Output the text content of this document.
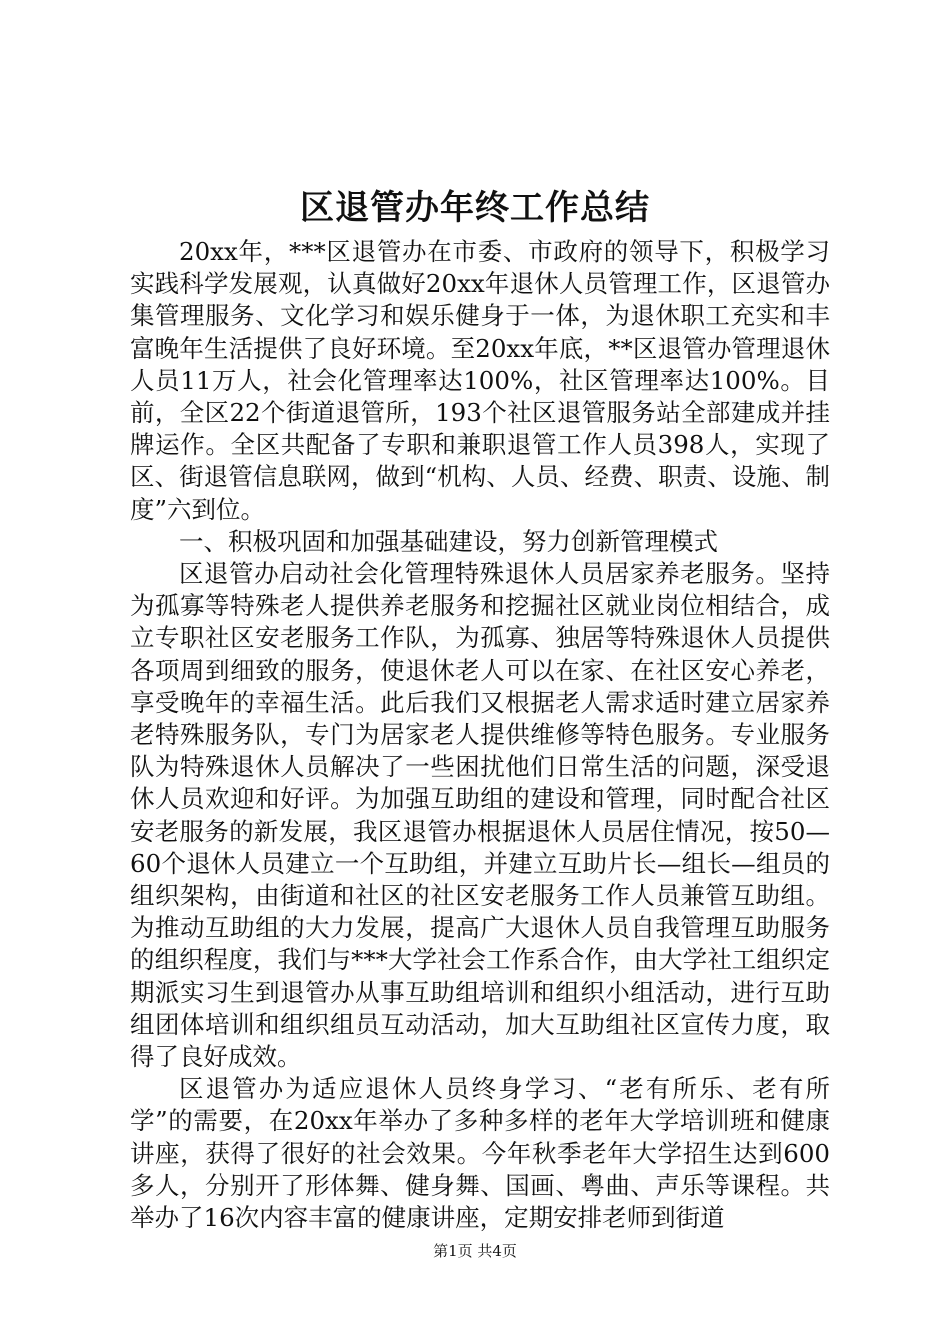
区退管办年终工作总结

20xx年，***区退管办在市委、市政府的领导下，积极学习实践科学发展观，认真做好20xx年退休人员管理工作，区退管办集管理服务、文化学习和娱乐健身于一体，为退休职工充实和丰富晚年生活提供了良好环境。至20xx年底，**区退管办管理退休人员11万人，社会化管理率达100%，社区管理率达100%。目前，全区22个街道退管所，193个社区退管服务站全部建成并挂牌运作。全区共配备了专职和兼职退管工作人员398人，实现了区、街退管信息联网，做到“机构、人员、经费、职责、设施、制度”六到位。

一、积极巩固和加强基础建设，努力创新管理模式

区退管办启动社会化管理特殊退休人员居家养老服务。坚持为孤寡等特殊老人提供养老服务和挖掘社区就业岗位相结合，成立专职社区安老服务工作队，为孤寡、独居等特殊退休人员提供各项周到细致的服务，使退休老人可以在家、在社区安心养老，享受晚年的幸福生活。此后我们又根据老人需求适时建立居家养老特殊服务队，专门为居家老人提供维修等特色服务。专业服务队为特殊退休人员解决了一些困扰他们日常生活的问题，深受退休人员欢迎和好评。为加强互助组的建设和管理，同时配合社区安老服务的新发展，我区退管办根据退休人员居住情况，按50—60个退休人员建立一个互助组，并建立互助片长—组长—组员的组织架构，由街道和社区的社区安老服务工作人员兼管互助组。为推动互助组的大力发展，提高广大退休人员自我管理互助服务的组织程度，我们与***大学社会工作系合作，由大学社工组织定期派实习生到退管办从事互助组培训和组织小组活动，进行互助组团体培训和组织组员互动活动，加大互助组社区宣传力度，取得了良好成效。

区退管办为适应退休人员终身学习、“老有所乐、老有所学”的需要，在20xx年举办了多种多样的老年大学培训班和健康讲座，获得了很好的社会效果。今年秋季老年大学招生达到600多人，分别开了形体舞、健身舞、国画、粤曲、声乐等课程。共举办了16次内容丰富的健康讲座，定期安排老师到街道

第1页 共4页
